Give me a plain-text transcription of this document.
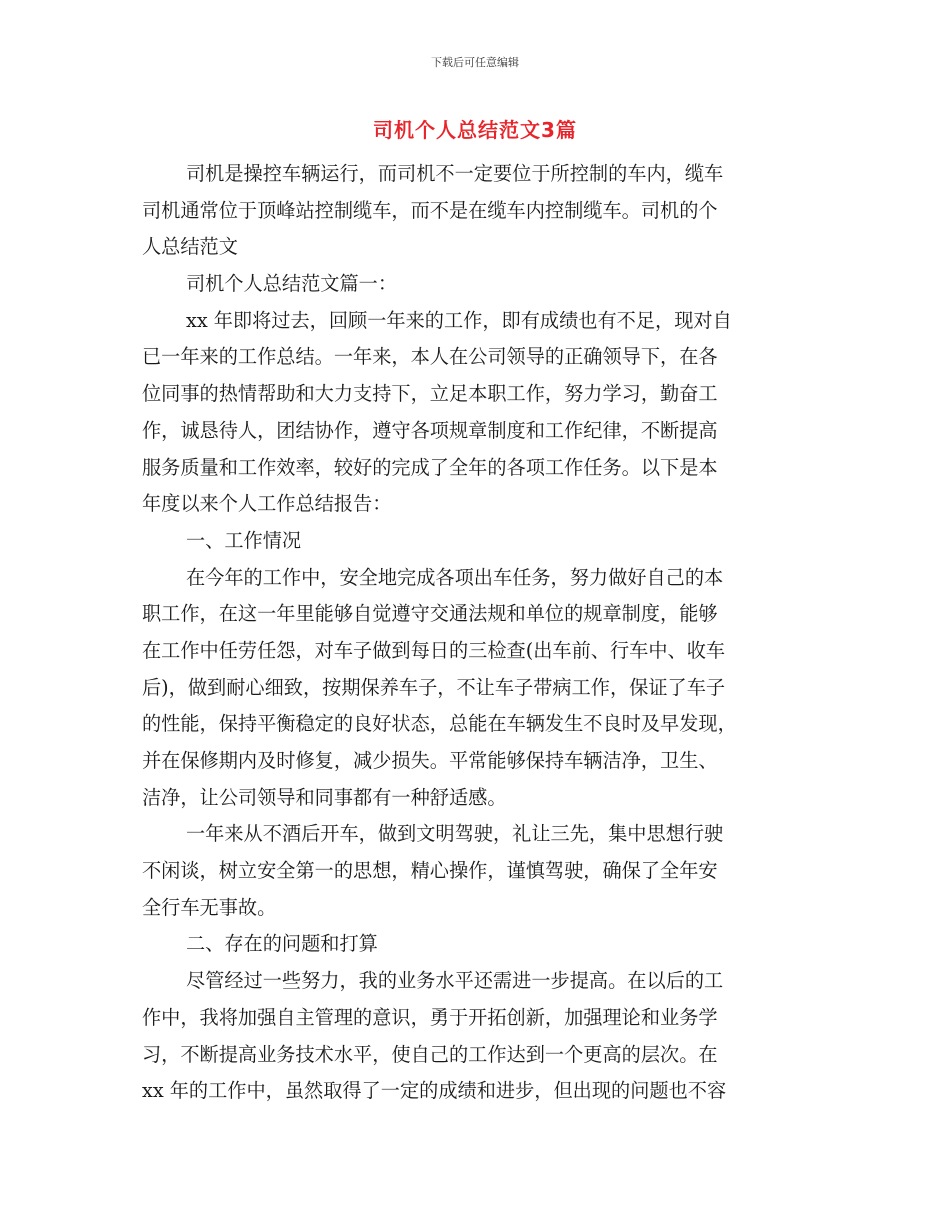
下载后可任意编辑
司机个人总结范文3篇
司机是操控车辆运行，而司机不一定要位于所控制的车内，缆车
司机通常位于顶峰站控制缆车，而不是在缆车内控制缆车。司机的个
人总结范文
司机个人总结范文篇一：
xx 年即将过去，回顾一年来的工作，即有成绩也有不足，现对自
已一年来的工作总结。一年来，本人在公司领导的正确领导下，在各
位同事的热情帮助和大力支持下，立足本职工作，努力学习，勤奋工
作，诚恳待人，团结协作，遵守各项规章制度和工作纪律，不断提高
服务质量和工作效率，较好的完成了全年的各项工作任务。以下是本
年度以来个人工作总结报告：
一、工作情况
在今年的工作中，安全地完成各项出车任务，努力做好自己的本
职工作，在这一年里能够自觉遵守交通法规和单位的规章制度，能够
在工作中任劳任怨，对车子做到每日的三检查(出车前、行车中、收车
后)，做到耐心细致，按期保养车子，不让车子带病工作，保证了车子
的性能，保持平衡稳定的良好状态，总能在车辆发生不良时及早发现，
并在保修期内及时修复，减少损失。平常能够保持车辆洁净，卫生、
洁净，让公司领导和同事都有一种舒适感。
一年来从不酒后开车，做到文明驾驶，礼让三先，集中思想行驶
不闲谈，树立安全第一的思想，精心操作，谨慎驾驶，确保了全年安
全行车无事故。
二、存在的问题和打算
尽管经过一些努力，我的业务水平还需进一步提高。在以后的工
作中，我将加强自主管理的意识，勇于开拓创新，加强理论和业务学
习，不断提高业务技术水平，使自己的工作达到一个更高的层次。在
xx 年的工作中，虽然取得了一定的成绩和进步，但出现的问题也不容
